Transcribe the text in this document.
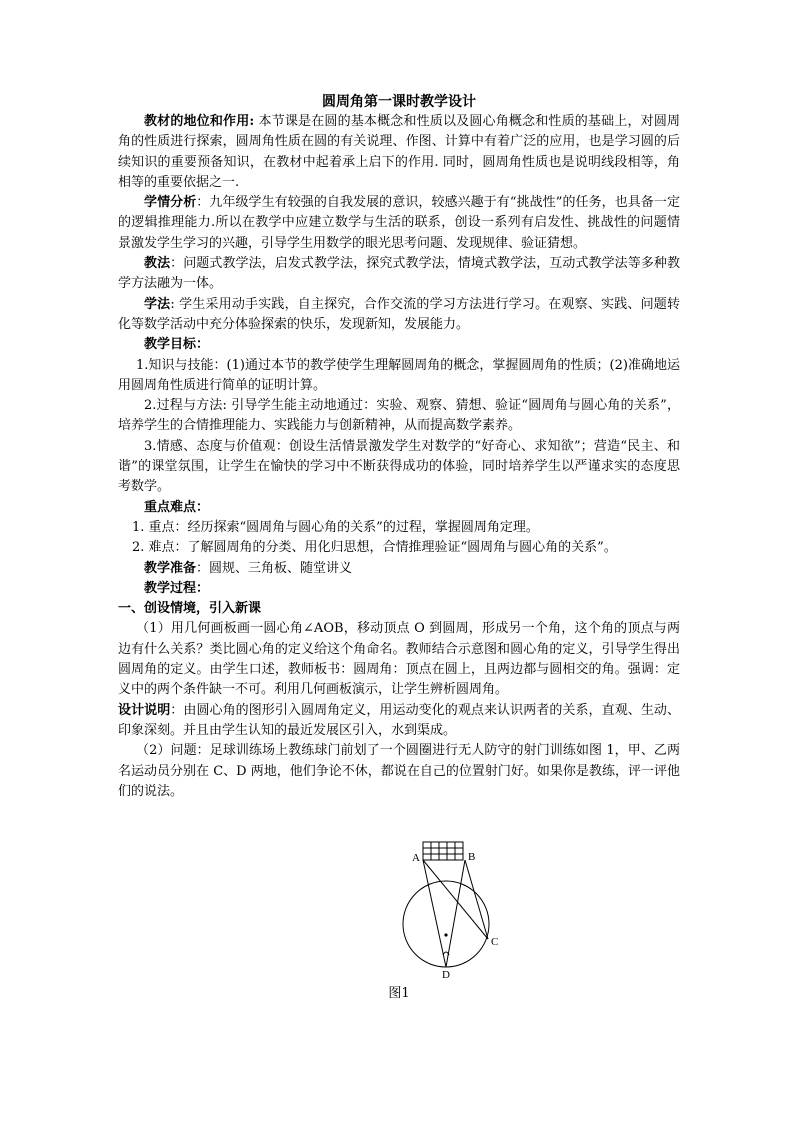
圆周角第一课时教学设计

教材的地位和作用: 本节课是在圆的基本概念和性质以及圆心角概念和性质的基础上，对圆周角的性质进行探索，圆周角性质在圆的有关说理、作图、计算中有着广泛的应用，也是学习圆的后续知识的重要预备知识，在教材中起着承上启下的作用. 同时，圆周角性质也是说明线段相等，角相等的重要依据之一.

学情分析：九年级学生有较强的自我发展的意识，较感兴趣于有“挑战性”的任务，也具备一定的逻辑推理能力.所以在教学中应建立数学与生活的联系，创设一系列有启发性、挑战性的问题情景激发学生学习的兴趣，引导学生用数学的眼光思考问题、发现规律、验证猜想。

教法：问题式教学法，启发式教学法，探究式教学法，情境式教学法，互动式教学法等多种教学方法融为一体。

学法: 学生采用动手实践，自主探究，合作交流的学习方法进行学习。在观察、实践、问题转化等数学活动中充分体验探索的快乐，发现新知，发展能力。

教学目标：

1.知识与技能：(1)通过本节的教学使学生理解圆周角的概念，掌握圆周角的性质；(2)准确地运用圆周角性质进行简单的证明计算。

2.过程与方法: 引导学生能主动地通过：实验、观察、猜想、验证“圆周角与圆心角的关系”，培养学生的合情推理能力、实践能力与创新精神，从而提高数学素养。

3.情感、态度与价值观：创设生活情景激发学生对数学的“好奇心、求知欲”；营造“民主、和谐”的课堂氛围，让学生在愉快的学习中不断获得成功的体验，同时培养学生以严谨求实的态度思考数学。

重点难点：

1. 重点：经历探索“圆周角与圆心角的关系”的过程，掌握圆周角定理。

2. 难点：了解圆周角的分类、用化归思想，合情推理验证“圆周角与圆心角的关系”。

教学准备：圆规、三角板、随堂讲义

教学过程：

一、创设情境，引入新课

（1）用几何画板画一圆心角∠AOB，移动顶点 O 到圆周，形成另一个角，这个角的顶点与两边有什么关系？类比圆心角的定义给这个角命名。教师结合示意图和圆心角的定义，引导学生得出圆周角的定义。由学生口述，教师板书：圆周角：顶点在圆上，且两边都与圆相交的角。强调：定义中的两个条件缺一不可。利用几何画板演示，让学生辨析圆周角。

设计说明：由圆心角的图形引入圆周角定义，用运动变化的观点来认识两者的关系，直观、生动、印象深刻。并且由学生认知的最近发展区引入，水到渠成。

（2）问题：足球训练场上教练球门前划了一个圆圈进行无人防守的射门训练如图 1，甲、乙两名运动员分别在 C、D 两地，他们争论不休，都说在自己的位置射门好。如果你是教练，评一评他们的说法。

A	B
C
D
图1
